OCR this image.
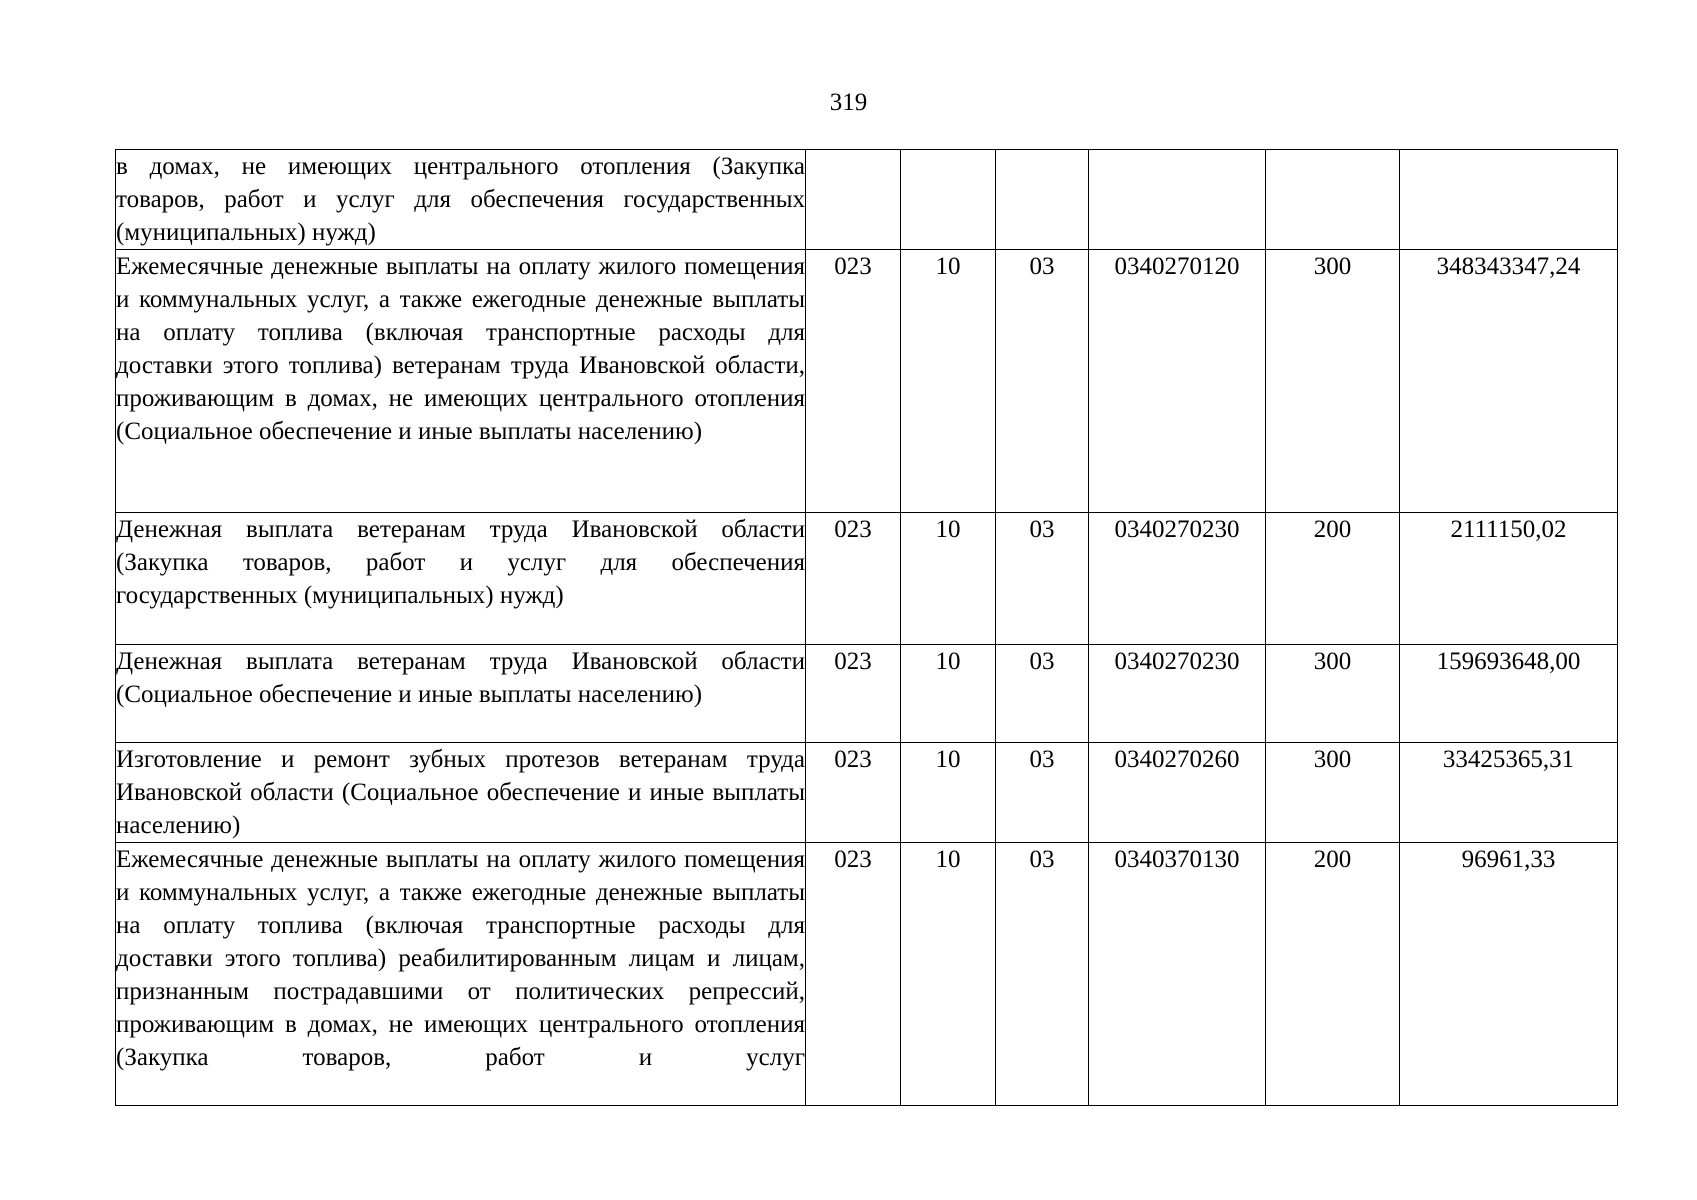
319
в домах, не имеющих центрального отопления (Закупка товаров, работ и услуг для обеспечения государственных (муниципальных) нужд)						
Ежемесячные денежные выплаты на оплату жилого помещения и коммунальных услуг, а также ежегодные денежные выплаты на оплату топлива (включая транспортные расходы для доставки этого топлива) ветеранам труда Ивановской области, проживающим в домах, не имеющих центрального отопления (Социальное обеспечение и иные выплаты населению)	023	10	03	0340270120	300	348343347,24
Денежная выплата ветеранам труда Ивановской области (Закупка товаров, работ и услуг для обеспечения государственных (муниципальных) нужд)	023	10	03	0340270230	200	2111150,02
Денежная выплата ветеранам труда Ивановской области (Социальное обеспечение и иные выплаты населению)	023	10	03	0340270230	300	159693648,00
Изготовление и ремонт зубных протезов ветеранам труда Ивановской области (Социальное обеспечение и иные выплаты населению)	023	10	03	0340270260	300	33425365,31
Ежемесячные денежные выплаты на оплату жилого помещения и коммунальных услуг, а также ежегодные денежные выплаты на оплату топлива (включая транспортные расходы для доставки этого топлива) реабилитированным лицам и лицам, признанным пострадавшими от политических репрессий, проживающим в домах, не имеющих центрального отопления (Закупка товаров, работ и услуг	023	10	03	0340370130	200	96961,33
